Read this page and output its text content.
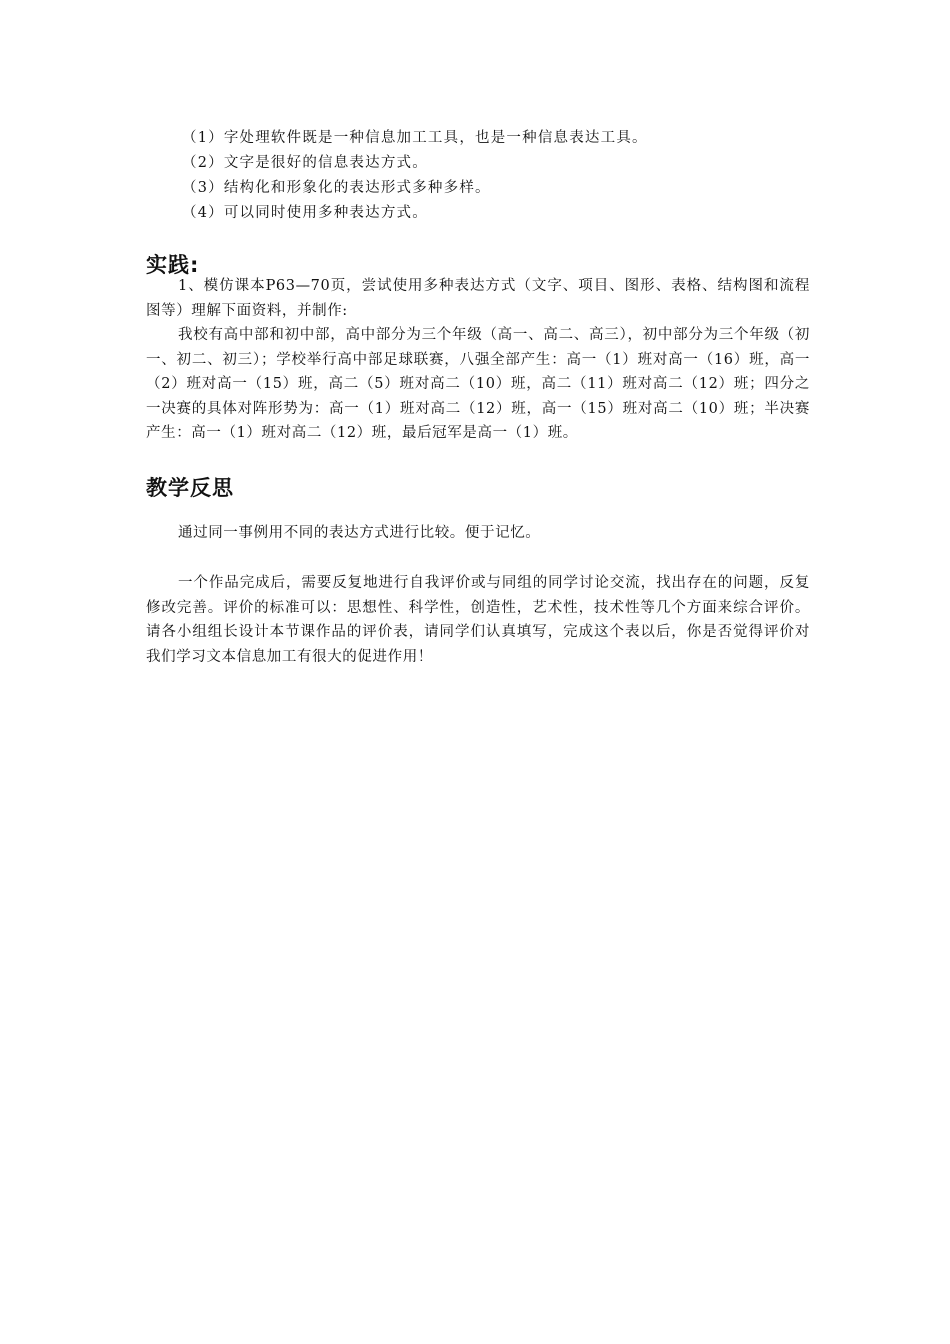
（1）字处理软件既是一种信息加工工具，也是一种信息表达工具。
（2）文字是很好的信息表达方式。
（3）结构化和形象化的表达形式多种多样。
（4）可以同时使用多种表达方式。
实践:
1、模仿课本P63—70页，尝试使用多种表达方式（文字、项目、图形、表格、结构图和流程图等）理解下面资料，并制作:
我校有高中部和初中部，高中部分为三个年级（高一、高二、高三），初中部分为三个年级（初一、初二、初三）；学校举行高中部足球联赛，八强全部产生：高一（1）班对高一（16）班，高一（2）班对高一（15）班，高二（5）班对高二（10）班，高二（11）班对高二（12）班；四分之一决赛的具体对阵形势为：高一（1）班对高二（12）班，高一（15）班对高二（10）班；半决赛产生：高一（1）班对高二（12）班，最后冠军是高一（1）班。
教学反思
通过同一事例用不同的表达方式进行比较。便于记忆。
一个作品完成后，需要反复地进行自我评价或与同组的同学讨论交流，找出存在的问题，反复修改完善。评价的标准可以：思想性、科学性，创造性，艺术性，技术性等几个方面来综合评价。请各小组组长设计本节课作品的评价表，请同学们认真填写，完成这个表以后，你是否觉得评价对我们学习文本信息加工有很大的促进作用！
